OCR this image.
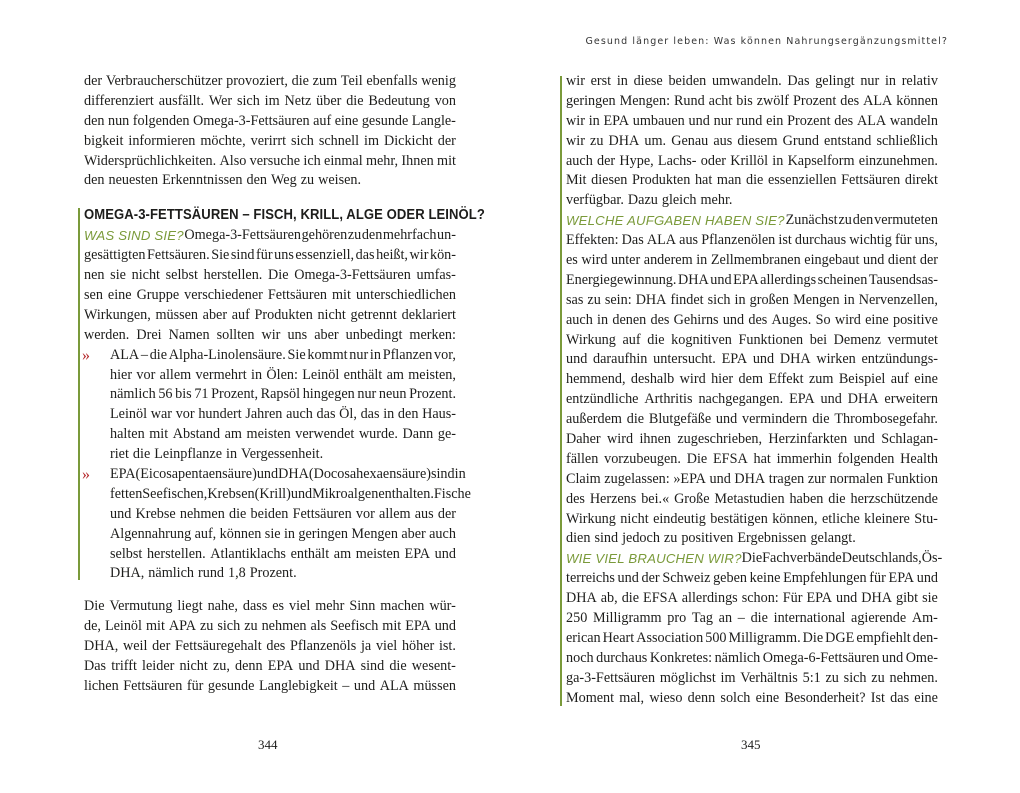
Gesund länger leben: Was können Nahrungsergänzungsmittel?
der Verbraucherschützer provoziert, die zum Teil ebenfalls wenig
differenziert ausfällt. Wer sich im Netz über die Bedeutung von
den nun folgenden Omega-3-Fettsäuren auf eine gesunde Langle-
bigkeit informieren möchte, verirrt sich schnell im Dickicht der
Widersprüchlichkeiten. Also versuche ich einmal mehr, Ihnen mit
den neuesten Erkenntnissen den Weg zu weisen.
OMEGA-3-FETTSÄUREN – FISCH, KRILL, ALGE ODER LEINÖL?
WAS SIND SIE? Omega-3-Fettsäuren gehören zu den mehrfach un-
gesättigten Fettsäuren. Sie sind für uns essenziell, das heißt, wir kön-
nen sie nicht selbst herstellen. Die Omega-3-Fettsäuren umfas-
sen eine Gruppe verschiedener Fettsäuren mit unterschiedlichen
Wirkungen, müssen aber auf Produkten nicht getrennt deklariert
werden. Drei Namen sollten wir uns aber unbedingt merken:
» ALA – die Alpha-Linolensäure. Sie kommt nur in Pflanzen vor,
hier vor allem vermehrt in Ölen: Leinöl enthält am meisten,
nämlich 56 bis 71 Prozent, Rapsöl hingegen nur neun Prozent.
Leinöl war vor hundert Jahren auch das Öl, das in den Haus-
halten mit Abstand am meisten verwendet wurde. Dann ge-
riet die Leinpflanze in Vergessenheit.
» EPA (Eicosapentaensäure) und DHA (Docosahexaensäure) sind in
fetten Seefischen, Krebsen (Krill) und Mikroalgen enthalten. Fische
und Krebse nehmen die beiden Fettsäuren vor allem aus der
Algennahrung auf, können sie in geringen Mengen aber auch
selbst herstellen. Atlantiklachs enthält am meisten EPA und
DHA, nämlich rund 1,8 Prozent.
Die Vermutung liegt nahe, dass es viel mehr Sinn machen wür-
de, Leinöl mit APA zu sich zu nehmen als Seefisch mit EPA und
DHA, weil der Fettsäuregehalt des Pflanzenöls ja viel höher ist.
Das trifft leider nicht zu, denn EPA und DHA sind die wesent-
lichen Fettsäuren für gesunde Langlebigkeit – und ALA müssen
wir erst in diese beiden umwandeln. Das gelingt nur in relativ
geringen Mengen: Rund acht bis zwölf Prozent des ALA können
wir in EPA umbauen und nur rund ein Prozent des ALA wandeln
wir zu DHA um. Genau aus diesem Grund entstand schließlich
auch der Hype, Lachs- oder Krillöl in Kapselform einzunehmen.
Mit diesen Produkten hat man die essenziellen Fettsäuren direkt
verfügbar. Dazu gleich mehr.
WELCHE AUFGABEN HABEN SIE? Zunächst zu den vermuteten
Effekten: Das ALA aus Pflanzenölen ist durchaus wichtig für uns,
es wird unter anderem in Zellmembranen eingebaut und dient der
Energiegewinnung. DHA und EPA allerdings scheinen Tausendsas-
sas zu sein: DHA findet sich in großen Mengen in Nervenzellen,
auch in denen des Gehirns und des Auges. So wird eine positive
Wirkung auf die kognitiven Funktionen bei Demenz vermutet
und daraufhin untersucht. EPA und DHA wirken entzündungs-
hemmend, deshalb wird hier dem Effekt zum Beispiel auf eine
entzündliche Arthritis nachgegangen. EPA und DHA erweitern
außerdem die Blutgefäße und vermindern die Thrombosegefahr.
Daher wird ihnen zugeschrieben, Herzinfarkten und Schlagan-
fällen vorzubeugen. Die EFSA hat immerhin folgenden Health
Claim zugelassen: »EPA und DHA tragen zur normalen Funktion
des Herzens bei.« Große Metastudien haben die herzschützende
Wirkung nicht eindeutig bestätigen können, etliche kleinere Stu-
dien sind jedoch zu positiven Ergebnissen gelangt.
WIE VIEL BRAUCHEN WIR? Die Fachverbände Deutschlands, Ös-
terreichs und der Schweiz geben keine Empfehlungen für EPA und
DHA ab, die EFSA allerdings schon: Für EPA und DHA gibt sie
250 Milligramm pro Tag an – die international agierende Am-
erican Heart Association 500 Milligramm. Die DGE empfiehlt den-
noch durchaus Konkretes: nämlich Omega-6-Fettsäuren und Ome-
ga-3-Fettsäuren möglichst im Verhältnis 5:1 zu sich zu nehmen.
Moment mal, wieso denn solch eine Besonderheit? Ist das eine
345
344
